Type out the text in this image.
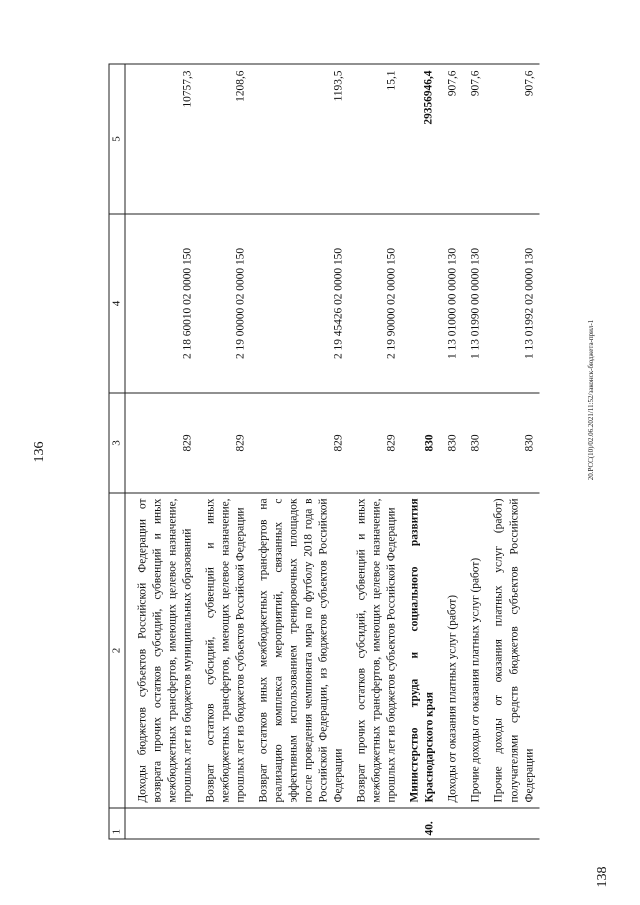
136
1	2	3	4	5
	Доходы бюджетов субъектов Российской Федерации от возврата прочих остатков субсидий, субвенций и иных межбюджетных трансфертов, имеющих целевое назначение, прошлых лет из бюджетов муниципальных образований	829	2 18 60010 02 0000 150	10757,3
	Возврат остатков субсидий, субвенций и иных межбюджетных трансфертов, имеющих целевое назначение, прошлых лет из бюджетов субъектов Российской Федерации	829	2 19 00000 02 0000 150	1208,6
	Возврат остатков иных межбюджетных трансфертов на реализацию комплекса мероприятий, связанных с эффективным использованием тренировочных площадок после проведения чемпионата мира по футболу 2018 года в Российской Федерации, из бюджетов субъектов Российской Федерации	829	2 19 45426 02 0000 150	1193,5
	Возврат прочих остатков субсидий, субвенций и иных межбюджетных трансфертов, имеющих целевое назначение, прошлых лет из бюджетов субъектов Российской Федерации	829	2 19 90000 02 0000 150	15,1
40.	Министерство труда и социального развития Краснодарского края	830		29356946,4
	Доходы от оказания платных услуг (работ)	830	1 13 01000 00 0000 130	907,6
	Прочие доходы от оказания платных услуг (работ)	830	1 13 01990 00 0000 130	907,6
	Прочие доходы от оказания платных услуг (работ) получателями средств бюджетов субъектов Российской Федерации	830	1 13 01992 02 0000 130	907,6
20.РСС(10)/02.06.2021/11:52/законск-бюджета-прил-1
138
